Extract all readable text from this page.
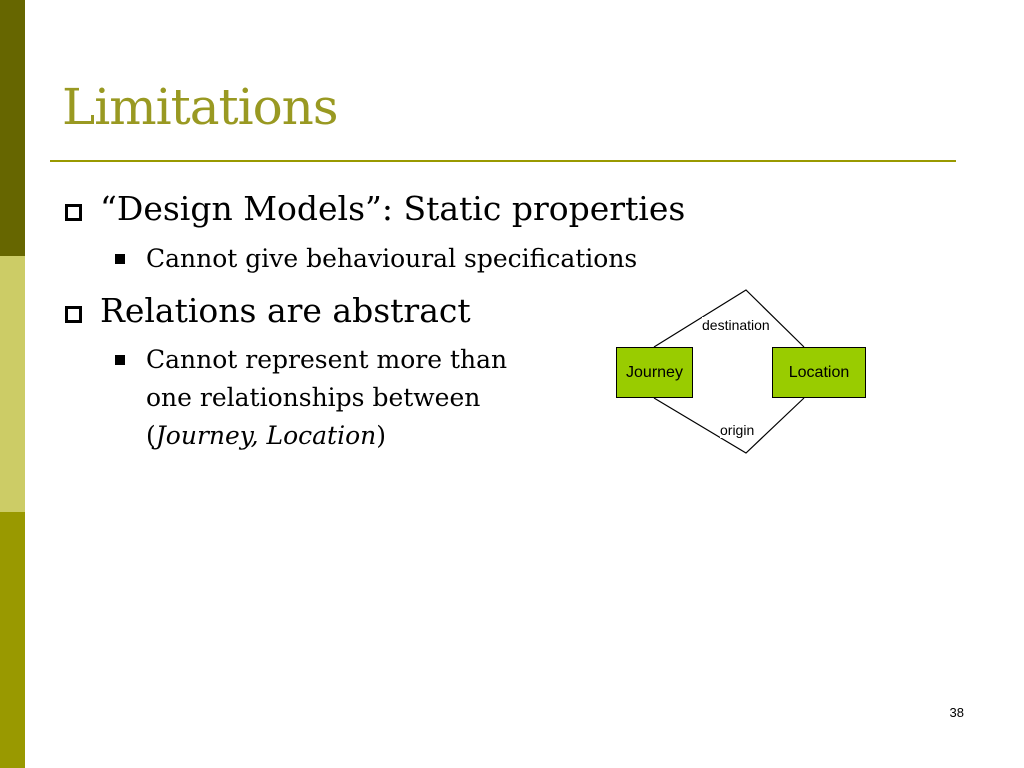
Limitations
“Design Models”: Static properties
Cannot give behavioural specifications
Relations are abstract
Cannot represent more than
one relationships between
(Journey, Location)
destination
origin
Journey	Location
38
